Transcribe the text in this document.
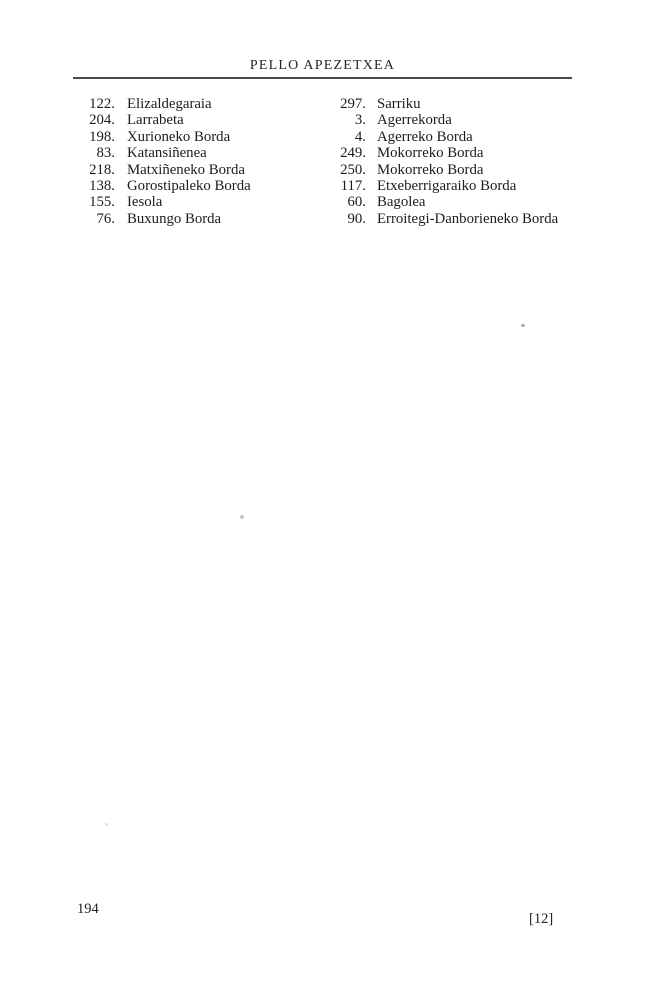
PELLO APEZETXEA
122. Elizaldegaraia
204. Larrabeta
198. Xurioneko Borda
83. Katansiñenea
218. Matxiñeneko Borda
138. Gorostipaleko Borda
155. Iesola
76. Buxungo Borda
297. Sarriku
3. Agerrekorda
4. Agerreko Borda
249. Mokorreko Borda
250. Mokorreko Borda
117. Etxeberrigaraiko Borda
60. Bagolea
90. Erroitegi-Danborieneko Borda
194
[12]
